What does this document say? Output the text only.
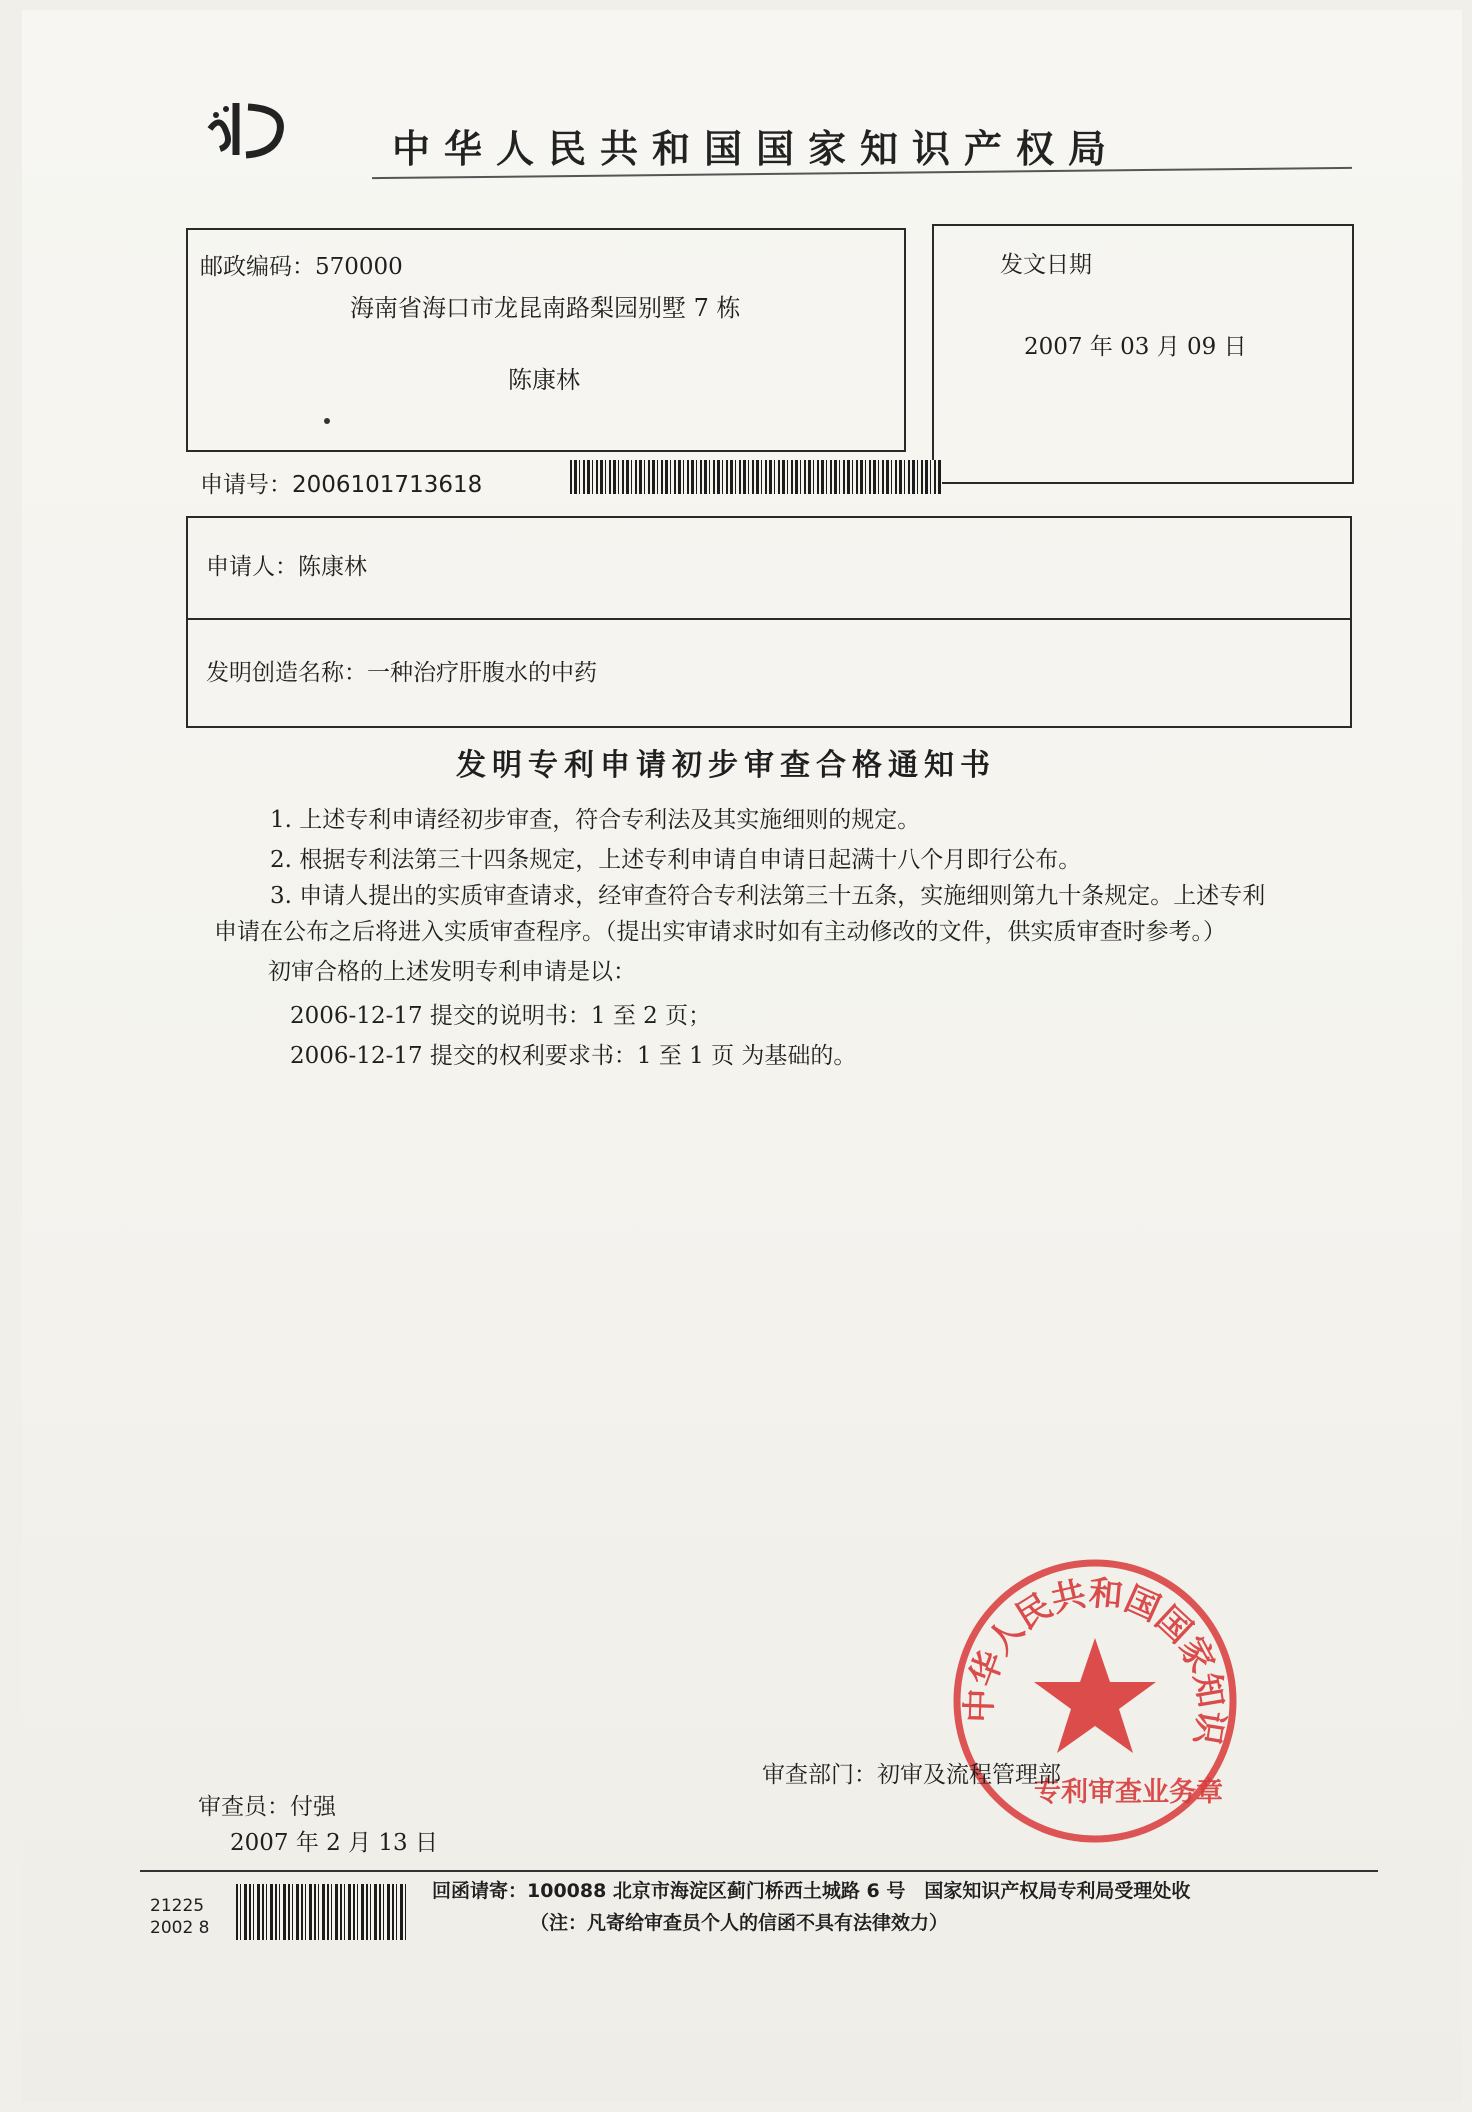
中华人民共和国国家知识产权局
邮政编码：570000
海南省海口市龙昆南路梨园别墅 7 栋
陈康林
发文日期
2007 年 03 月 09 日
申请号：2006101713618
申请人：陈康林
发明创造名称：一种治疗肝腹水的中药
发明专利申请初步审查合格通知书
1. 上述专利申请经初步审查，符合专利法及其实施细则的规定。
2. 根据专利法第三十四条规定，上述专利申请自申请日起满十八个月即行公布。
3. 申请人提出的实质审查请求，经审查符合专利法第三十五条，实施细则第九十条规定。上述专利
申请在公布之后将进入实质审查程序。（提出实审请求时如有主动修改的文件，供实质审查时参考。）
初审合格的上述发明专利申请是以：
2006-12-17 提交的说明书：1 至 2 页；
2006-12-17 提交的权利要求书：1 至 1 页 为基础的。
中华人民共和国国家知识
专利审查业务章
审查员：付强
2007 年 2 月 13 日
审查部门：初审及流程管理部
21225
2002 8
回函请寄：100088 北京市海淀区蓟门桥西土城路 6 号　国家知识产权局专利局受理处收
（注：凡寄给审查员个人的信函不具有法律效力）
